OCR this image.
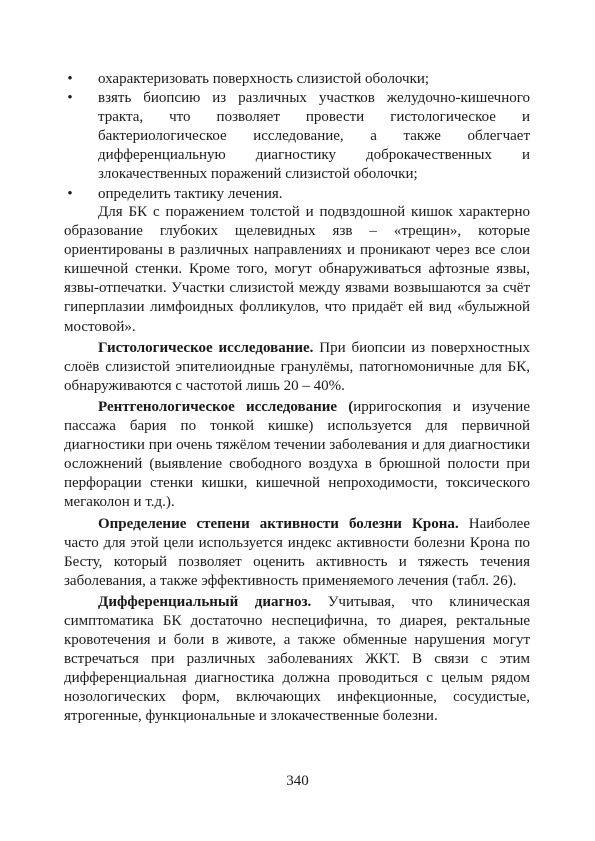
• охарактеризовать поверхность слизистой оболочки;
• взять биопсию из различных участков желудочно-кишечного тракта, что позволяет провести гистологическое и бактериологическое исследование, а также облегчает дифференциальную диагностику доброкачественных и злокачественных поражений слизистой оболочки;
• определить тактику лечения.

Для БК с поражением толстой и подвздошной кишок характерно образование глубоких щелевидных язв – «трещин», которые ориентированы в различных направлениях и проникают через все слои кишечной стенки. Кроме того, могут обнаруживаться афтозные язвы, язвы-отпечатки. Участки слизистой между язвами возвышаются за счёт гиперплазии лимфоидных фолликулов, что придаёт ей вид «булыжной мостовой».

Гистологическое исследование. При биопсии из поверхностных слоёв слизистой эпителиоидные гранулёмы, патогномоничные для БК, обнаруживаются с частотой лишь 20 – 40%.

Рентгенологическое исследование (ирригоскопия и изучение пассажа бария по тонкой кишке) используется для первичной диагностики при очень тяжёлом течении заболевания и для диагностики осложнений (выявление свободного воздуха в брюшной полости при перфорации стенки кишки, кишечной непроходимости, токсического мегаколон и т.д.).

Определение степени активности болезни Крона. Наиболее часто для этой цели используется индекс активности болезни Крона по Бесту, который позволяет оценить активность и тяжесть течения заболевания, а также эффективность применяемого лечения (табл. 26).

Дифференциальный диагноз. Учитывая, что клиническая симптоматика БК достаточно неспецифична, то диарея, ректальные кровотечения и боли в животе, а также обменные нарушения могут встречаться при различных заболеваниях ЖКТ. В связи с этим дифференциальная диагностика должна проводиться с целым рядом нозологических форм, включающих инфекционные, сосудистые, ятрогенные, функциональные и злокачественные болезни.

340
